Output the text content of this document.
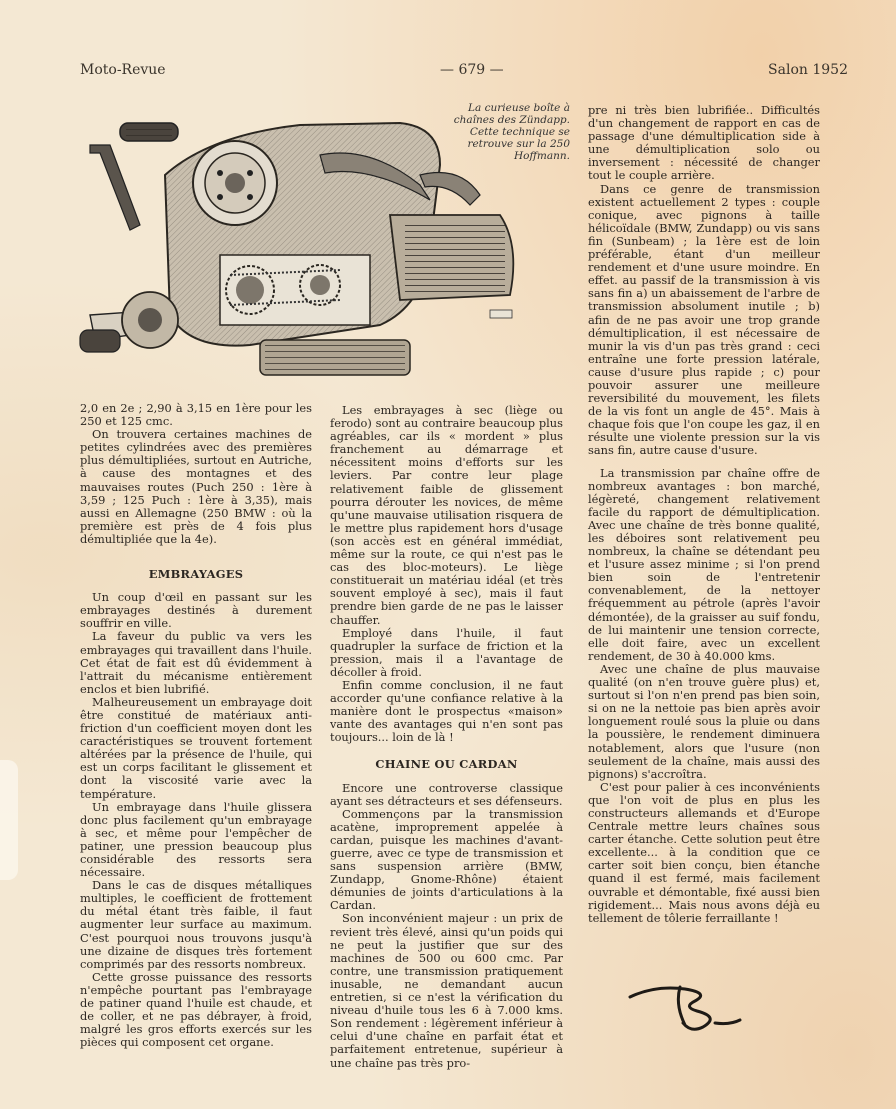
Moto-Revue	— 679 —	Salon 1952
La curieuse boîte à chaînes des Zündapp. Cette technique se retrouve sur la 250 Hoffmann.

2,0 en 2e ; 2,90 à 3,15 en 1ère pour les 250 et 125 cmc.

On trouvera certaines machines de petites cylindrées avec des premières plus démultipliées, surtout en Autriche, à cause des montagnes et des mauvaises routes (Puch 250 : 1ère à 3,59 ; 125 Puch : 1ère à 3,35), mais aussi en Allemagne (250 BMW : où la première est près de 4 fois plus démultipliée que la 4e).

EMBRAYAGES

Un coup d'œil en passant sur les embrayages destinés à durement souffrir en ville.

La faveur du public va vers les embrayages qui travaillent dans l'huile. Cet état de fait est dû évidemment à l'attrait du mécanisme entièrement enclos et bien lubrifié.

Malheureusement un embrayage doit être constitué de matériaux anti-friction d'un coefficient moyen dont les caractéristiques se trouvent fortement altérées par la présence de l'huile, qui est un corps facilitant le glissement et dont la viscosité varie avec la température.

Un embrayage dans l'huile glissera donc plus facilement qu'un embrayage à sec, et même pour l'empêcher de patiner, une pression beaucoup plus considérable des ressorts sera nécessaire.

Dans le cas de disques métalliques multiples, le coefficient de frottement du métal étant très faible, il faut augmenter leur surface au maximum. C'est pourquoi nous trouvons jusqu'à une dizaine de disques très fortement comprimés par des ressorts nombreux.

Cette grosse puissance des ressorts n'empêche pourtant pas l'embrayage de patiner quand l'huile est chaude, et de coller, et ne pas débrayer, à froid, malgré les gros efforts exercés sur les pièces qui composent cet organe.

Les embrayages à sec (liège ou ferodo) sont au contraire beaucoup plus agréables, car ils « mordent » plus franchement au démarrage et nécessitent moins d'efforts sur les leviers. Par contre leur plage relativement faible de glissement pourra dérouter les novices, de même qu'une mauvaise utilisation risquera de le mettre plus rapidement hors d'usage (son accès est en général immédiat, même sur la route, ce qui n'est pas le cas des bloc-moteurs). Le liège constituerait un matériau idéal (et très souvent employé à sec), mais il faut prendre bien garde de ne pas le laisser chauffer.

Employé dans l'huile, il faut quadrupler la surface de friction et la pression, mais il a l'avantage de décoller à froid.

Enfin comme conclusion, il ne faut accorder qu'une confiance relative à la manière dont le prospectus «maison» vante des avantages qui n'en sont pas toujours... loin de là !

CHAINE OU CARDAN

Encore une controverse classique ayant ses détracteurs et ses défenseurs.

Commençons par la transmission acatène, improprement appelée à cardan, puisque les machines d'avant-guerre, avec ce type de transmission et sans suspension arrière (BMW, Zundapp, Gnome-Rhône) étaient démunies de joints d'articulations à la Cardan.

Son inconvénient majeur : un prix de revient très élevé, ainsi qu'un poids qui ne peut la justifier que sur des machines de 500 ou 600 cmc. Par contre, une transmission pratiquement inusable, ne demandant aucun entretien, si ce n'est la vérification du niveau d'huile tous les 6 à 7.000 kms. Son rendement : légèrement inférieur à celui d'une chaîne en parfait état et parfaitement entretenue, supérieur à une chaîne pas très pro-

pre ni très bien lubrifiée.. Difficultés d'un changement de rapport en cas de passage d'une démultiplication side à une démultiplication solo ou inversement : nécessité de changer tout le couple arrière.

Dans ce genre de transmission existent actuellement 2 types : couple conique, avec pignons à taille hélicoïdale (BMW, Zundapp) ou vis sans fin (Sunbeam) ; la 1ère est de loin préférable, étant d'un meilleur rendement et d'une usure moindre. En effet. au passif de la transmission à vis sans fin a) un abaissement de l'arbre de transmission absolument inutile ; b) afin de ne pas avoir une trop grande démultiplication, il est nécessaire de munir la vis d'un pas très grand : ceci entraîne une forte pression latérale, cause d'usure plus rapide ; c) pour pouvoir assurer une meilleure reversibilité du mouvement, les filets de la vis font un angle de 45°. Mais à chaque fois que l'on coupe les gaz, il en résulte une violente pression sur la vis sans fin, autre cause d'usure.

La transmission par chaîne offre de nombreux avantages : bon marché, légèreté, changement relativement facile du rapport de démultiplication. Avec une chaîne de très bonne qualité, les déboires sont relativement peu nombreux, la chaîne se détendant peu et l'usure assez minime ; si l'on prend bien soin de l'entretenir convenablement, de la nettoyer fréquemment au pétrole (après l'avoir démontée), de la graisser au suif fondu, de lui maintenir une tension correcte, elle doit faire, avec un excellent rendement, de 30 à 40.000 kms.

Avec une chaîne de plus mauvaise qualité (on n'en trouve guère plus) et, surtout si l'on n'en prend pas bien soin, si on ne la nettoie pas bien après avoir longuement roulé sous la pluie ou dans la poussière, le rendement diminuera notablement, alors que l'usure (non seulement de la chaîne, mais aussi des pignons) s'accroîtra.

C'est pour palier à ces inconvénients que l'on voit de plus en plus les constructeurs allemands et d'Europe Centrale mettre leurs chaînes sous carter étanche. Cette solution peut être excellente... à la condition que ce carter soit bien conçu, bien étanche quand il est fermé, mais facilement ouvrable et démontable, fixé aussi bien rigidement... Mais nous avons déjà eu tellement de tôlerie ferraillante !
